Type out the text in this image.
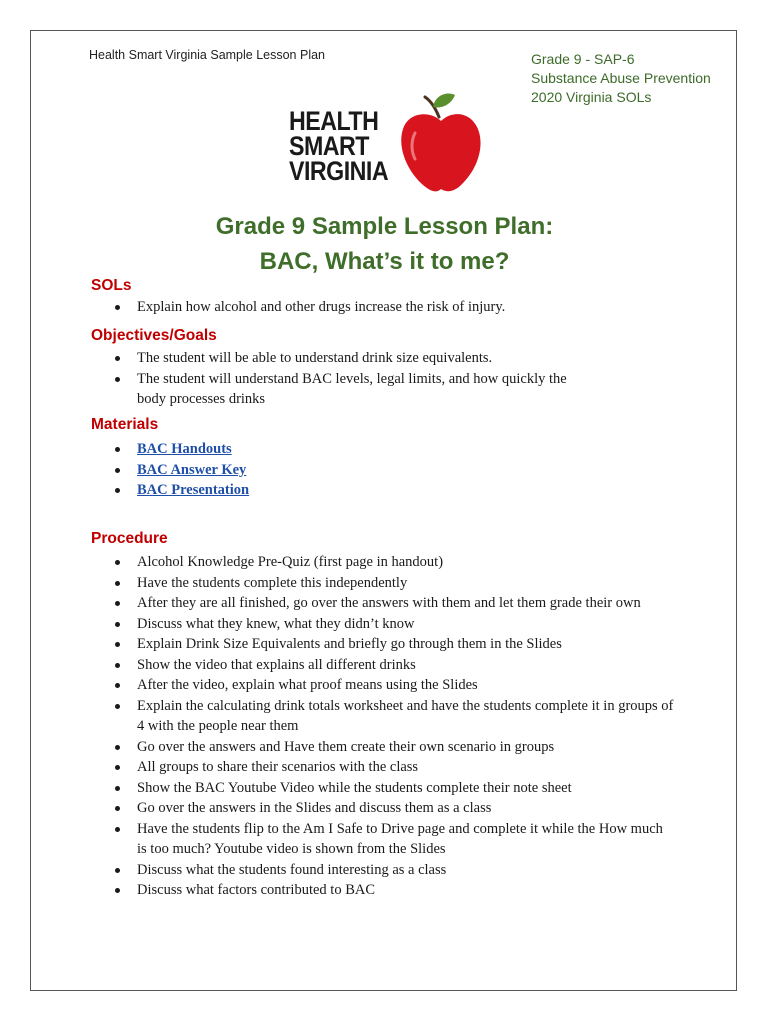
Health Smart Virginia Sample Lesson Plan	Grade 9 - SAP-6
Substance Abuse Prevention
2020 Virginia SOLs
HEALTH
SMART
VIRGINIA
Grade 9 Sample Lesson Plan:
BAC, What’s it to me?
SOLs
Explain how alcohol and other drugs increase the risk of injury.
Objectives/Goals
The student will be able to understand drink size equivalents.
The student will understand BAC levels, legal limits, and how quickly the body processes drinks
Materials
BAC Handouts
BAC Answer Key
BAC Presentation
Procedure
Alcohol Knowledge Pre-Quiz (first page in handout)
Have the students complete this independently
After they are all finished, go over the answers with them and let them grade their own
Discuss what they knew, what they didn’t know
Explain Drink Size Equivalents and briefly go through them in the Slides
Show the video that explains all different drinks
After the video, explain what proof means using the Slides
Explain the calculating drink totals worksheet and have the students complete it in groups of 4 with the people near them
Go over the answers and Have them create their own scenario in groups
All groups to share their scenarios with the class
Show the BAC Youtube Video while the students complete their note sheet
Go over the answers in the Slides and discuss them as a class
Have the students flip to the Am I Safe to Drive page and complete it while the How much is too much? Youtube video is shown from the Slides
Discuss what the students found interesting as a class
Discuss what factors contributed to BAC
